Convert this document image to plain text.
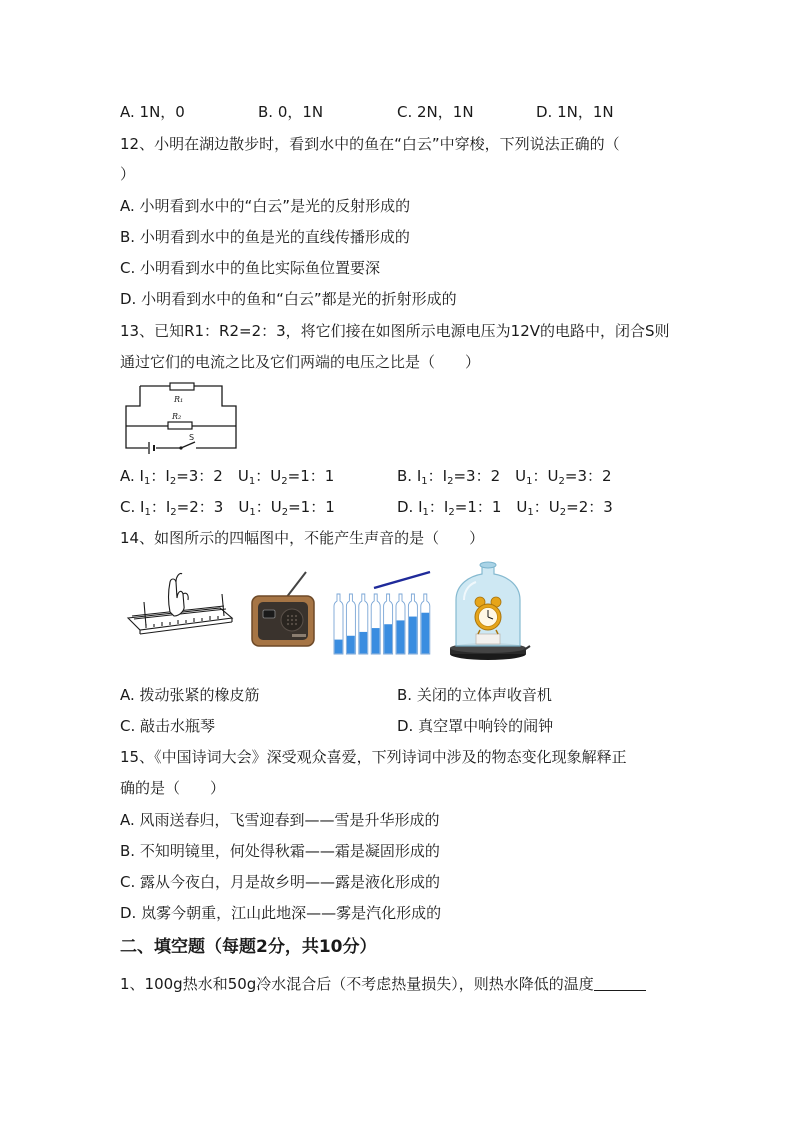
A. 1N，0	B. 0，1N	C. 2N，1N	D. 1N，1N
12、小明在湖边散步时，看到水中的鱼在“白云”中穿梭，下列说法正确的（
）
A. 小明看到水中的“白云”是光的反射形成的
B. 小明看到水中的鱼是光的直线传播形成的
C. 小明看到水中的鱼比实际鱼位置要深
D. 小明看到水中的鱼和“白云”都是光的折射形成的
13、已知R1：R2=2：3，将它们接在如图所示电源电压为12V的电路中，闭合S则
通过它们的电流之比及它们两端的电压之比是（　　）
R₁
R₂
S
A. $I_1$：$I_2=3$：2　 $U_1$：$U_2=1$：1	B. $I_1$：$I_2=3$：2　 $U_1$：$U_2=3$：2
C. $I_1$：$I_2=2$：3　 $U_1$：$U_2=1$：1	D. $I_1$：$I_2=1$：1　 $U_1$：$U_2=2$：3
14、如图所示的四幅图中，不能产生声音的是（　　）
A. 拨动张紧的橡皮筋	B. 关闭的立体声收音机
C. 敲击水瓶琴	D. 真空罩中响铃的闹钟
15、《中国诗词大会》深受观众喜爱，下列诗词中涉及的物态变化现象解释正
确的是（　　）
A. 风雨送春归，飞雪迎春到——雪是升华形成的
B. 不知明镜里，何处得秋霜——霜是凝固形成的
C. 露从今夜白，月是故乡明——露是液化形成的
D. 岚雾今朝重，江山此地深——雾是汽化形成的
二、填空题（每题2分，共10分）
1、100g热水和50g冷水混合后（不考虑热量损失），则热水降低的温度
